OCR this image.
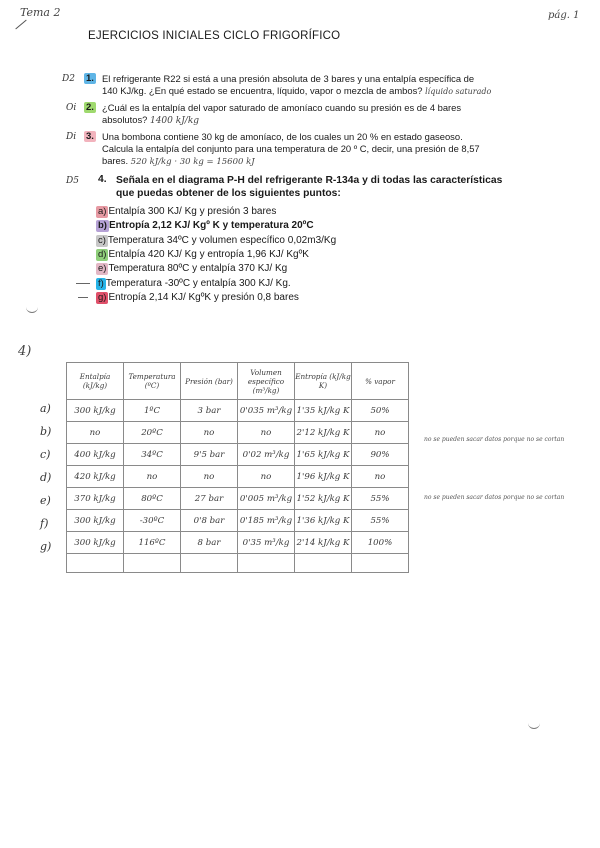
Tema 2	pág. 1
EJERCICIOS INICIALES CICLO FRIGORÍFICO
D2 1. El refrigerante R22 si está a una presión absoluta de 3 bares y una entalpía específica de
140 KJ/kg. ¿En qué estado se encuentra, líquido, vapor o mezcla de ambos? líquido saturado
Oi 2. ¿Cuál es la entalpía del vapor saturado de amoníaco cuando su presión es de 4 bares
absolutos? 1400 kJ/kg
Di 3. Una bombona contiene 30 kg de amoníaco, de los cuales un 20 % en estado gaseoso.
Calcula la entalpía del conjunto para una temperatura de 20 º C, decir, una presión de 8,57
bares. 520 kJ/kg · 30 kg = 15600 kJ
D5 4. Señala en el diagrama P-H del refrigerante R-134a y di todas las características que puedas obtener de los siguientes puntos:
a) Entalpía 300 KJ/ Kg y presión 3 bares
b) Entropía 2,12 KJ/ Kgº K y temperatura 20ºC
c) Temperatura 34ºC y volumen específico 0,02m3/Kg
d) Entalpía 420 KJ/ Kg y entropía 1,96 KJ/ KgºK
e) Temperatura 80ºC y entalpía 370 KJ/ Kg
f) Temperatura -30ºC y entalpía 300 KJ/ Kg.
g) Entropía 2,14 KJ/ KgºK y presión 0,8 bares
4)
a)
b)
c)
d)
e)
f)
g)
Entalpía (kJ/kg)	Temperatura (ºC)	Presión (bar)	Volumen específico (m³/kg)	Entropía (kJ/kg K)	% vapor
300 kJ/kg	1ºC	3 bar	0'035 m³/kg	1'35 kJ/kg K	50%
no	20ºC	no	no	2'12 kJ/kg K	no
400 kJ/kg	34ºC	9'5 bar	0'02 m³/kg	1'65 kJ/kg K	90%
420 kJ/kg	no	no	no	1'96 kJ/kg K	no
370 kJ/kg	80ºC	27 bar	0'005 m³/kg	1'52 kJ/kg K	55%
300 kJ/kg	-30ºC	0'8 bar	0'185 m³/kg	1'36 kJ/kg K	55%
300 kJ/kg	116ºC	8 bar	0'35 m³/kg	2'14 kJ/kg K	100%

no se pueden sacar datos porque no se cortan
no se pueden sacar datos porque no se cortan
